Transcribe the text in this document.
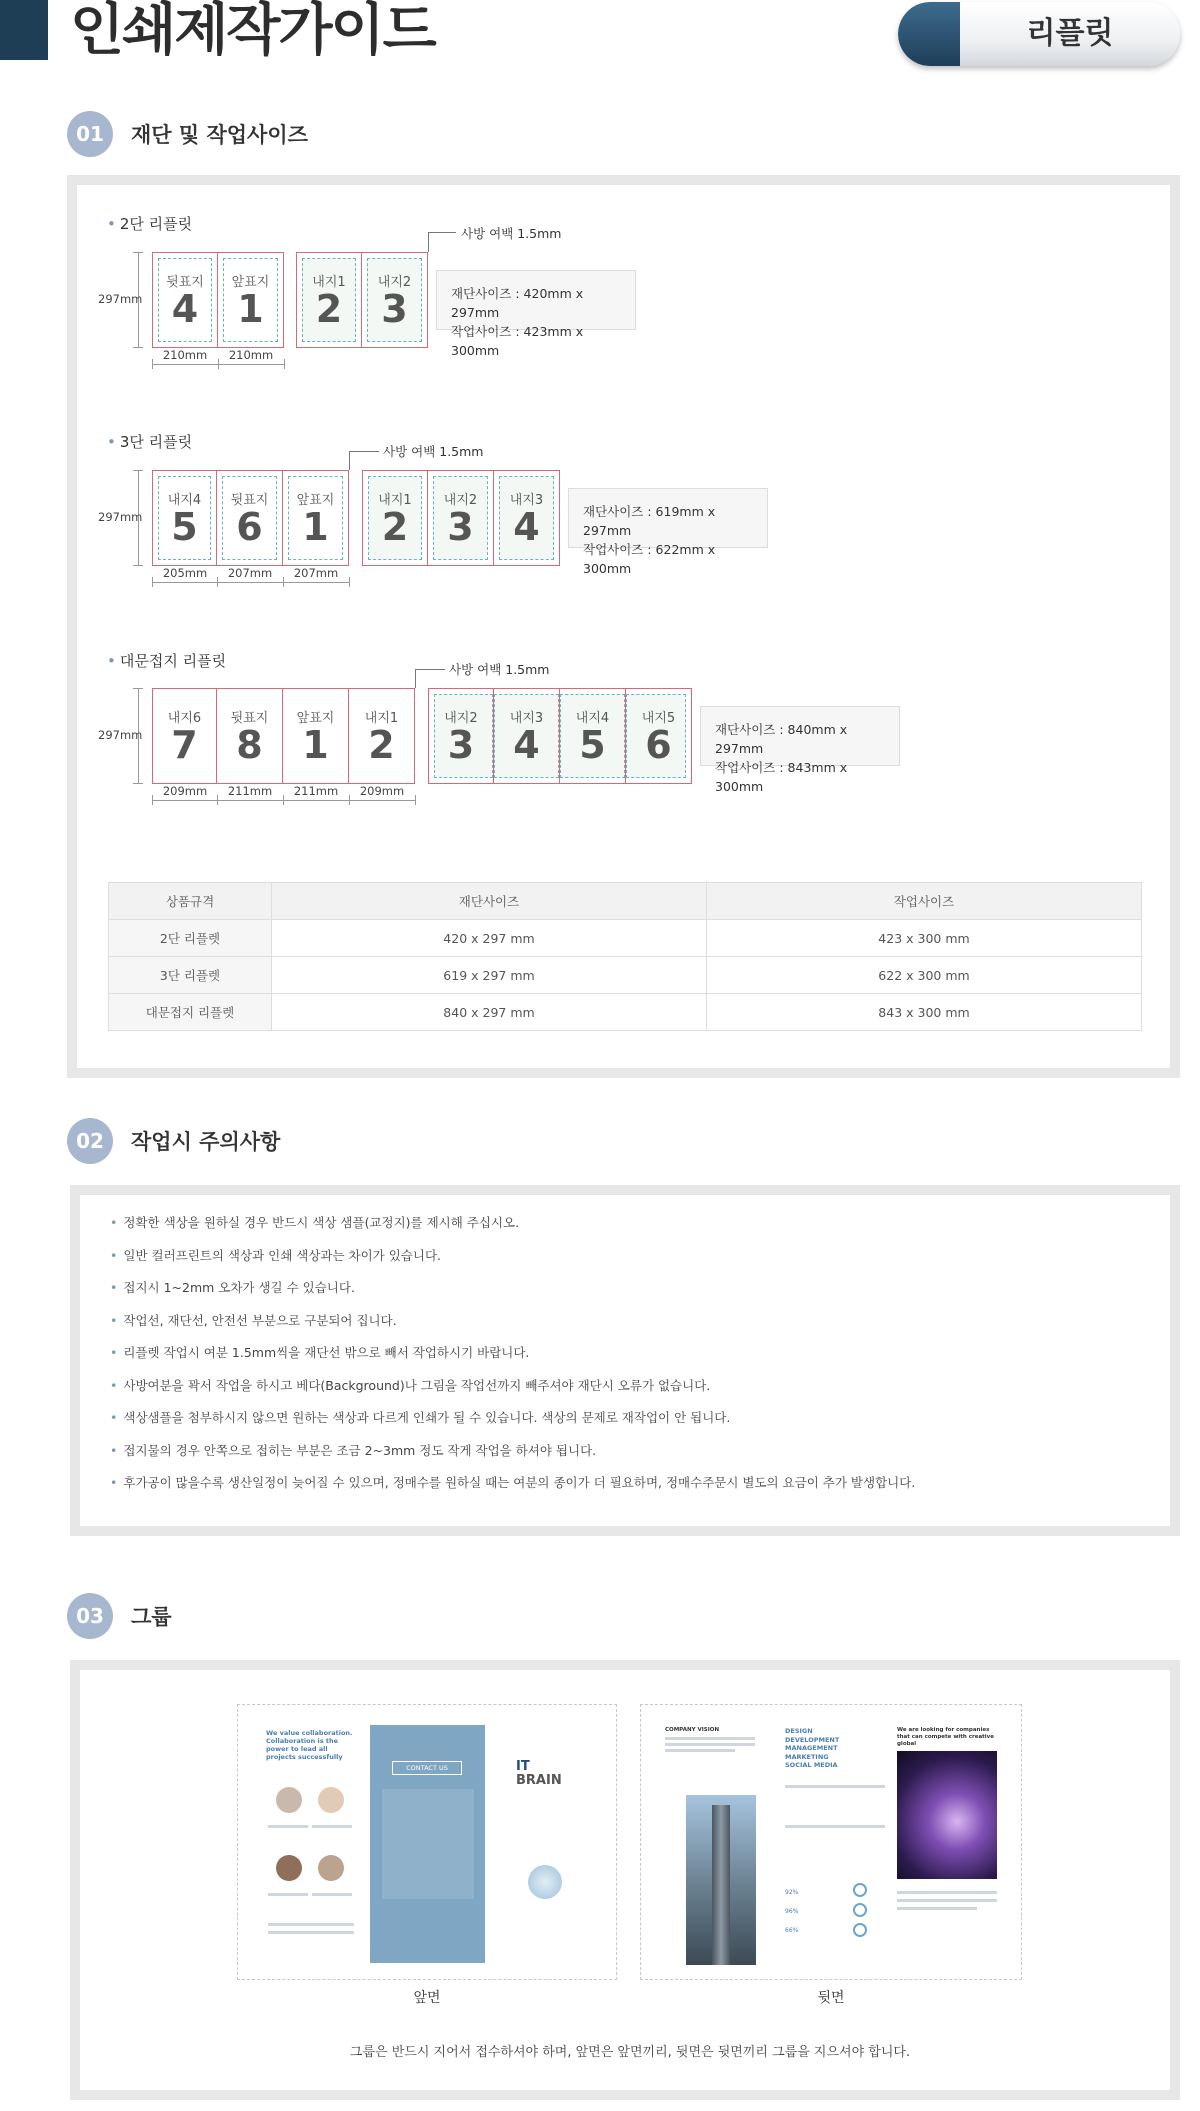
인쇄제작가이드	리플릿
01	재단 및 작업사이즈
• 2단 리플릿
297mm
뒷표지
4
앞표지
1
내지1
2
내지2
3
사방 여백 1.5mm
재단사이즈 : 420mm x 297mm
작업사이즈 : 423mm x 300mm
210mm	210mm
• 3단 리플릿
297mm
내지4
5
뒷표지
6
앞표지
1
내지1
2
내지2
3
내지3
4
사방 여백 1.5mm
재단사이즈 : 619mm x 297mm
작업사이즈 : 622mm x 300mm
205mm	207mm	207mm
• 대문접지 리플릿
297mm
내지6
7
뒷표지
8
앞표지
1
내지1
2
내지2
3
내지3
4
내지4
5
내지5
6
사방 여백 1.5mm
재단사이즈 : 840mm x 297mm
작업사이즈 : 843mm x 300mm
209mm	211mm	211mm	209mm
상품규격	재단사이즈	작업사이즈
2단 리플렛	420 x 297 mm	423 x 300 mm
3단 리플렛	619 x 297 mm	622 x 300 mm
대문접지 리플렛	840 x 297 mm	843 x 300 mm
02	작업시 주의사항
• 정확한 색상을 원하실 경우 반드시 색상 샘플(교정지)를 제시해 주십시오.
• 일반 컬러프린트의 색상과 인쇄 색상과는 차이가 있습니다.
• 접지시 1~2mm 오차가 생길 수 있습니다.
• 작업선, 재단선, 안전선 부분으로 구분되어 집니다.
• 리플렛 작업시 여분 1.5mm씩을 재단선 밖으로 빼서 작업하시기 바랍니다.
• 사방여분을 꽉서 작업을 하시고 베다(Background)나 그림을 작업선까지 빼주셔야 재단시 오류가 없습니다.
• 색상샘플을 첨부하시지 않으면 원하는 색상과 다르게 인쇄가 될 수 있습니다. 색상의 문제로 재작업이 안 됩니다.
• 접지물의 경우 안쪽으로 접히는 부분은 조금 2~3mm 정도 작게 작업을 하셔야 됩니다.
• 후가공이 많을수록 생산일정이 늦어질 수 있으며, 정매수를 원하실 때는 여분의 종이가 더 필요하며, 정매수주문시 별도의 요금이 추가 발생합니다.
03	그룹
We value collaboration. Collaboration is the power to lead all projects successfully
CONTACT US	IT
BRAIN
앞면
COMPANY VISION	DESIGN
DEVELOPMENT
MANAGEMENT
MARKETING
SOCIAL MEDIA
92%
96%
66%
We are looking for companies that can compete with creative global
뒷면
그룹은 반드시 지어서 접수하셔야 하며, 앞면은 앞면끼리, 뒷면은 뒷면끼리 그룹을 지으셔야 합니다.
